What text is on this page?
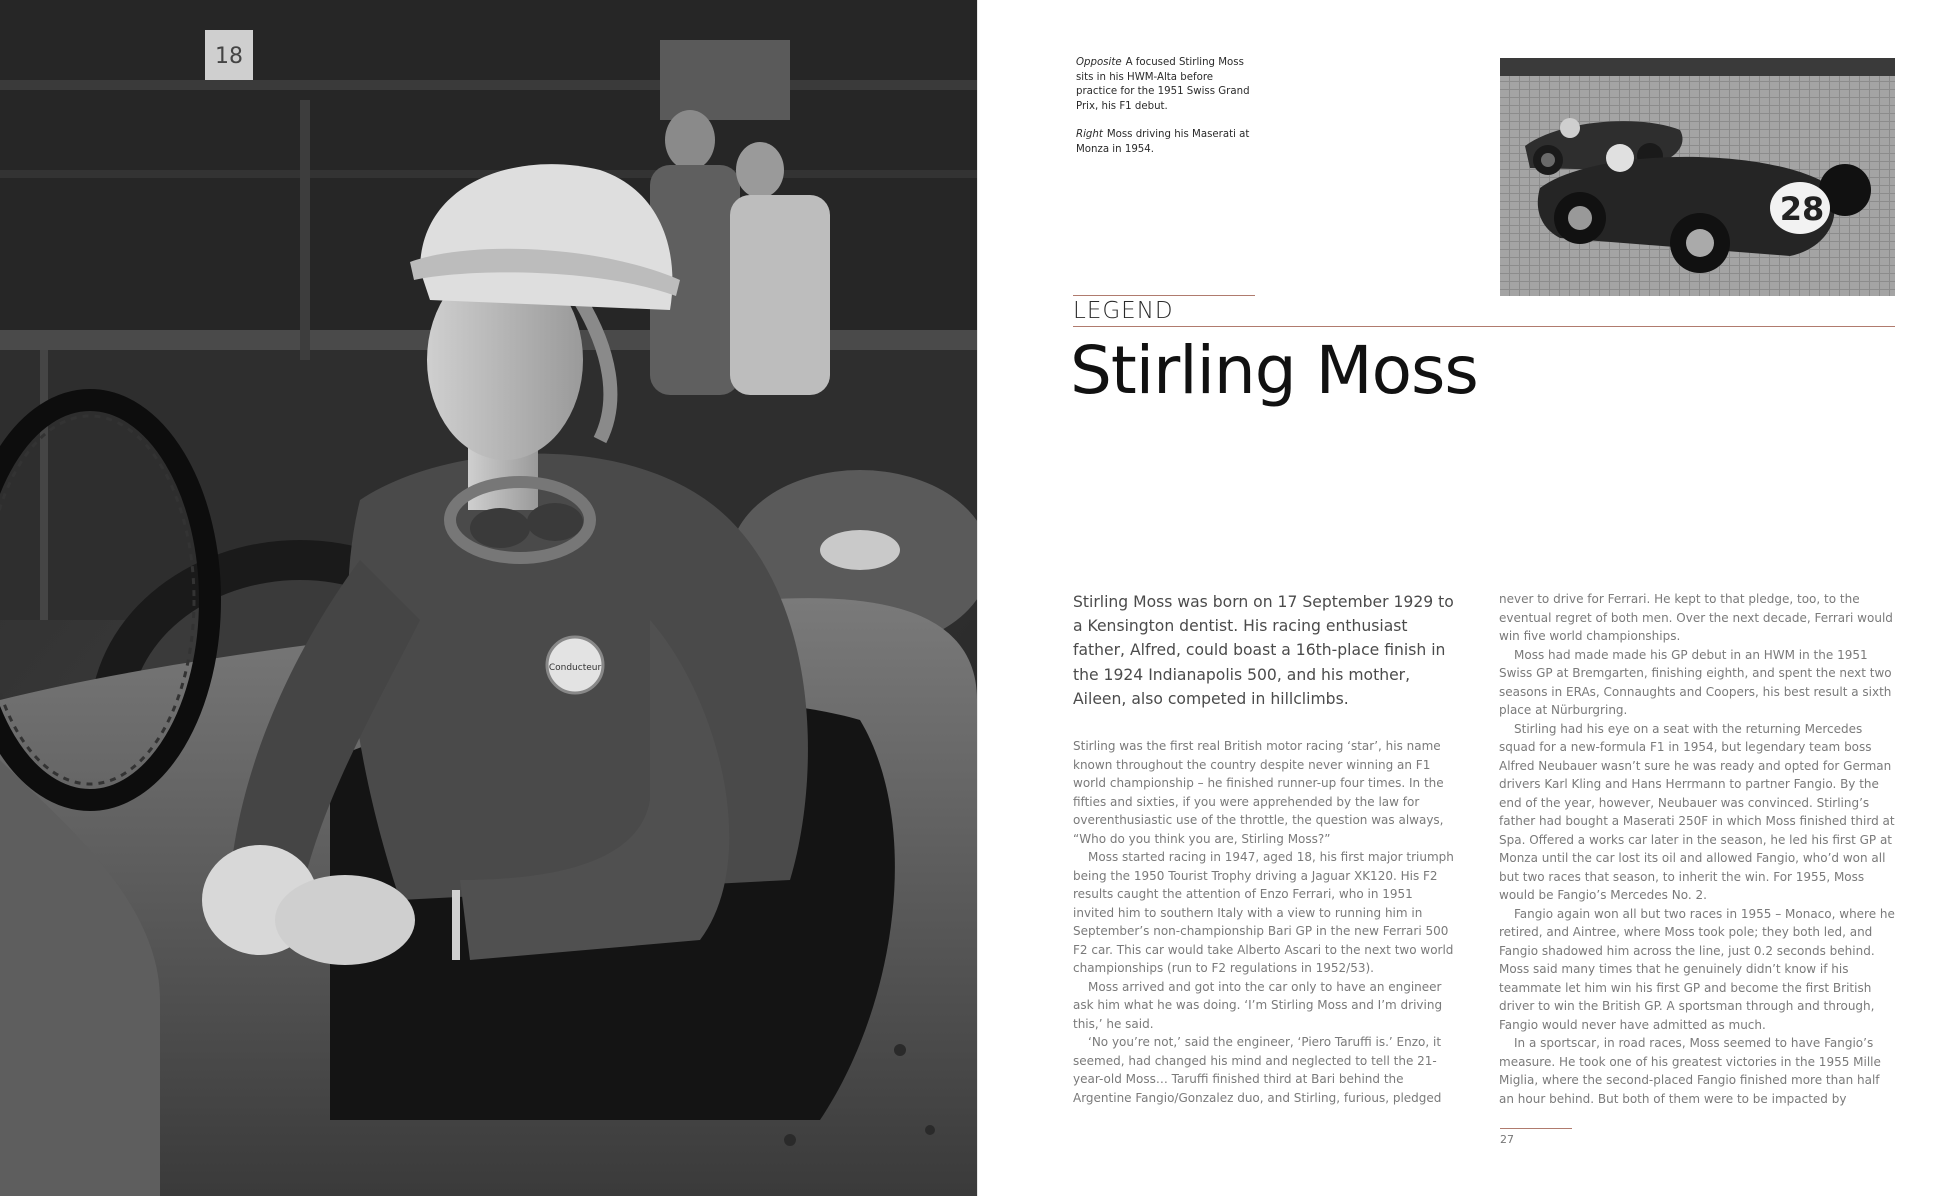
18
Conducteur

Opposite A focused Stirling Moss sits in his HWM-Alta before practice for the 1951 Swiss Grand Prix, his F1 debut.

Right Moss driving his Maserati at Monza in 1954.

28
LEGEND
Stirling Moss

Stirling Moss was born on 17 September 1929 to a Kensington dentist. His racing enthusiast father, Alfred, could boast a 16th-place finish in the 1924 Indianapolis 500, and his mother, Aileen, also competed in hillclimbs.

Stirling was the first real British motor racing ‘star’, his name known throughout the country despite never winning an F1 world championship – he finished runner-up four times. In the fifties and sixties, if you were apprehended by the law for overenthusiastic use of the throttle, the question was always, “Who do you think you are, Stirling Moss?”

Moss started racing in 1947, aged 18, his first major triumph being the 1950 Tourist Trophy driving a Jaguar XK120. His F2 results caught the attention of Enzo Ferrari, who in 1951 invited him to southern Italy with a view to running him in September’s non-championship Bari GP in the new Ferrari 500 F2 car. This car would take Alberto Ascari to the next two world championships (run to F2 regulations in 1952/53).

Moss arrived and got into the car only to have an engineer ask him what he was doing. ‘I’m Stirling Moss and I’m driving this,’ he said.

‘No you’re not,’ said the engineer, ‘Piero Taruffi is.’ Enzo, it seemed, had changed his mind and neglected to tell the 21-year-old Moss… Taruffi finished third at Bari behind the Argentine Fangio/Gonzalez duo, and Stirling, furious, pledged

never to drive for Ferrari. He kept to that pledge, too, to the eventual regret of both men. Over the next decade, Ferrari would win five world championships.

Moss had made made his GP debut in an HWM in the 1951 Swiss GP at Bremgarten, finishing eighth, and spent the next two seasons in ERAs, Connaughts and Coopers, his best result a sixth place at Nürburgring.

Stirling had his eye on a seat with the returning Mercedes squad for a new-formula F1 in 1954, but legendary team boss Alfred Neubauer wasn’t sure he was ready and opted for German drivers Karl Kling and Hans Herrmann to partner Fangio. By the end of the year, however, Neubauer was convinced. Stirling’s father had bought a Maserati 250F in which Moss finished third at Spa. Offered a works car later in the season, he led his first GP at Monza until the car lost its oil and allowed Fangio, who’d won all but two races that season, to inherit the win. For 1955, Moss would be Fangio’s Mercedes No. 2.

Fangio again won all but two races in 1955 – Monaco, where he retired, and Aintree, where Moss took pole; they both led, and Fangio shadowed him across the line, just 0.2 seconds behind. Moss said many times that he genuinely didn’t know if his teammate let him win his first GP and become the first British driver to win the British GP. A sportsman through and through, Fangio would never have admitted as much.

In a sportscar, in road races, Moss seemed to have Fangio’s measure. He took one of his greatest victories in the 1955 Mille Miglia, where the second-placed Fangio finished more than half an hour behind. But both of them were to be impacted by

27
